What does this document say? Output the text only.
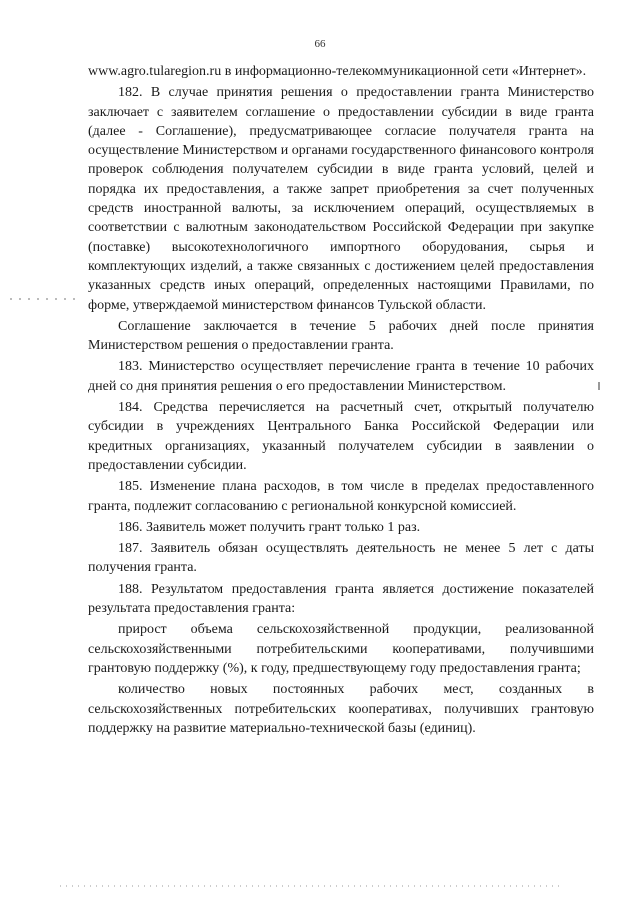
66

www.agro.tularegion.ru в информационно-телекоммуникационной сети «Интернет».

182. В случае принятия решения о предоставлении гранта Министерство заключает с заявителем соглашение о предоставлении субсидии в виде гранта (далее - Соглашение), предусматривающее согласие получателя гранта на осуществление Министерством и органами государственного финансового контроля проверок соблюдения получателем субсидии в виде гранта условий, целей и порядка их предоставления, а также запрет приобретения за счет полученных средств иностранной валюты, за исключением операций, осуществляемых в соответствии с валютным законодательством Российской Федерации при закупке (поставке) высокотехнологичного импортного оборудования, сырья и комплектующих изделий, а также связанных с достижением целей предоставления указанных средств иных операций, определенных настоящими Правилами, по форме, утверждаемой министерством финансов Тульской области.

Соглашение заключается в течение 5 рабочих дней после принятия Министерством решения о предоставлении гранта.

183. Министерство осуществляет перечисление гранта в течение 10 рабочих дней со дня принятия решения о его предоставлении Министерством.

184. Средства перечисляется на расчетный счет, открытый получателю субсидии в учреждениях Центрального Банка Российской Федерации или кредитных организациях, указанный получателем субсидии в заявлении о предоставлении субсидии.

185. Изменение плана расходов, в том числе в пределах предоставленного гранта, подлежит согласованию с региональной конкурсной комиссией.

186. Заявитель может получить грант только 1 раз.

187. Заявитель обязан осуществлять деятельность не менее 5 лет с даты получения гранта.

188. Результатом предоставления гранта является достижение показателей результата предоставления гранта:

прирост объема сельскохозяйственной продукции, реализованной сельскохозяйственными потребительскими кооперативами, получившими грантовую поддержку (%), к году, предшествующему году предоставления гранта;

количество новых постоянных рабочих мест, созданных в сельскохозяйственных потребительских кооперативах, получивших грантовую поддержку на развитие материально-технической базы (единиц).
